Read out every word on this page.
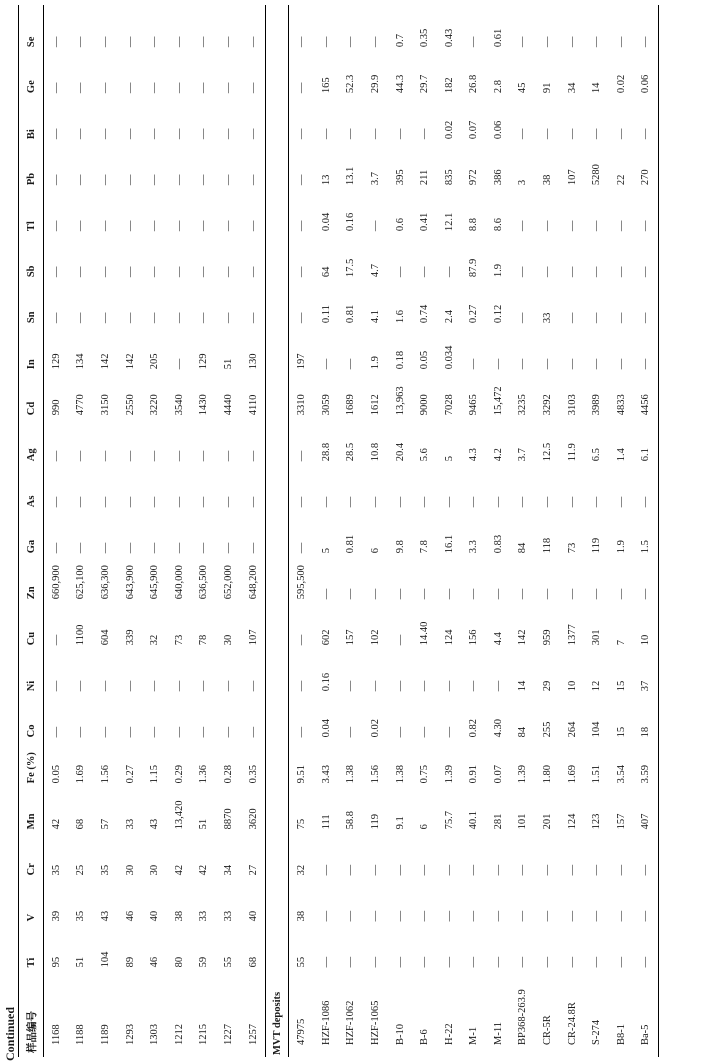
Continued 样品编号	Ti	V	Cr	Mn	Fe (%)	Co	Ni	Cu	Zn	Ga	As	Ag	Cd	In	Sn	Sb	Tl	Pb	Bi	Ge	Se
1168	95	39	35	42	0.05	—	—	—	660,900	—	—	—	990	129	—	—	—	—	—	—	—
1188	51	35	25	68	1.69	—	—	1100	625,100	—	—	—	4770	134	—	—	—	—	—	—	—
1189	104	43	35	57	1.56	—	—	604	636,300	—	—	—	3150	142	—	—	—	—	—	—	—
1293	89	46	30	33	0.27	—	—	339	643,900	—	—	—	2550	142	—	—	—	—	—	—	—
1303	46	40	30	43	1.15	—	—	32	645,900	—	—	—	3220	205	—	—	—	—	—	—	—
1212	80	38	42	13,420	0.29	—	—	73	640,000	—	—	—	3540	—	—	—	—	—	—	—	—
1215	59	33	42	51	1.36	—	—	78	636,500	—	—	—	1430	129	—	—	—	—	—	—	—
1227	55	33	34	8870	0.28	—	—	30	652,000	—	—	—	4440	51	—	—	—	—	—	—	—
1257	68	40	27	3620	0.35	—	—	107	648,200	—	—	—	4110	130	—	—	—	—	—	—	—
MVT deposits																					
47975	55	38	32	75	9.51	—	—	—	595,500	—	—	—	3310	197	—	—	—	—	—	—	—
HZF-1086	—	—	—	111	3.43	0.04	0.16	602	—	5	—	28.8	3059	—	0.11	64	0.04	13	—	165	—
HZF-1062	—	—	—	58.8	1.38	—	—	157	—	0.81	—	28.5	1689	—	0.81	17.5	0.16	13.1	—	52.3	—
HZF-1065	—	—	—	119	1.56	0.02	—	102	—	6	—	10.8	1612	1.9	4.1	4.7	—	3.7	—	29.9	—
B-10	—	—	—	9.1	1.38	—	—	—	—	9.8	—	20.4	13,963	0.18	1.6	—	0.6	395	—	44.3	0.7
B-6	—	—	—	6	0.75	—	—	14.40	—	7.8	—	5.6	9000	0.05	0.74	—	0.41	211	—	29.7	0.35
H-22	—	—	—	75.7	1.39	—	—	124	—	16.1	—	5	7028	0.034	2.4	—	12.1	835	0.02	182	0.43
M-1	—	—	—	40.1	0.91	0.82	—	156	—	3.3	—	4.3	9465	—	0.27	87.9	8.8	972	0.07	26.8	—
M-11	—	—	—	281	0.07	4.30	—	4.4	—	0.83	—	4.2	15,472	—	0.12	1.9	8.6	386	0.06	2.8	0.61
BP368-263.9	—	—	—	101	1.39	84	14	142	—	84	—	3.7	3235	—	—	—	—	3	—	45	—
CR-5R	—	—	—	201	1.80	255	29	959	—	118	—	12.5	3292	—	33	—	—	38	—	91	—
CR-24.8R	—	—	—	124	1.69	264	10	1377	—	73	—	11.9	3103	—	—	—	—	107	—	34	—
S-274	—	—	—	123	1.51	104	12	301	—	119	—	6.5	3989	—	—	—	—	5280	—	14	—
B8-1	—	—	—	157	3.54	15	15	7	—	1.9	—	1.4	4833	—	—	—	—	22	—	0.02	—
Ba-5	—	—	—	407	3.59	18	37	10	—	1.5	—	6.1	4456	—	—	—	—	270	—	0.06	—
